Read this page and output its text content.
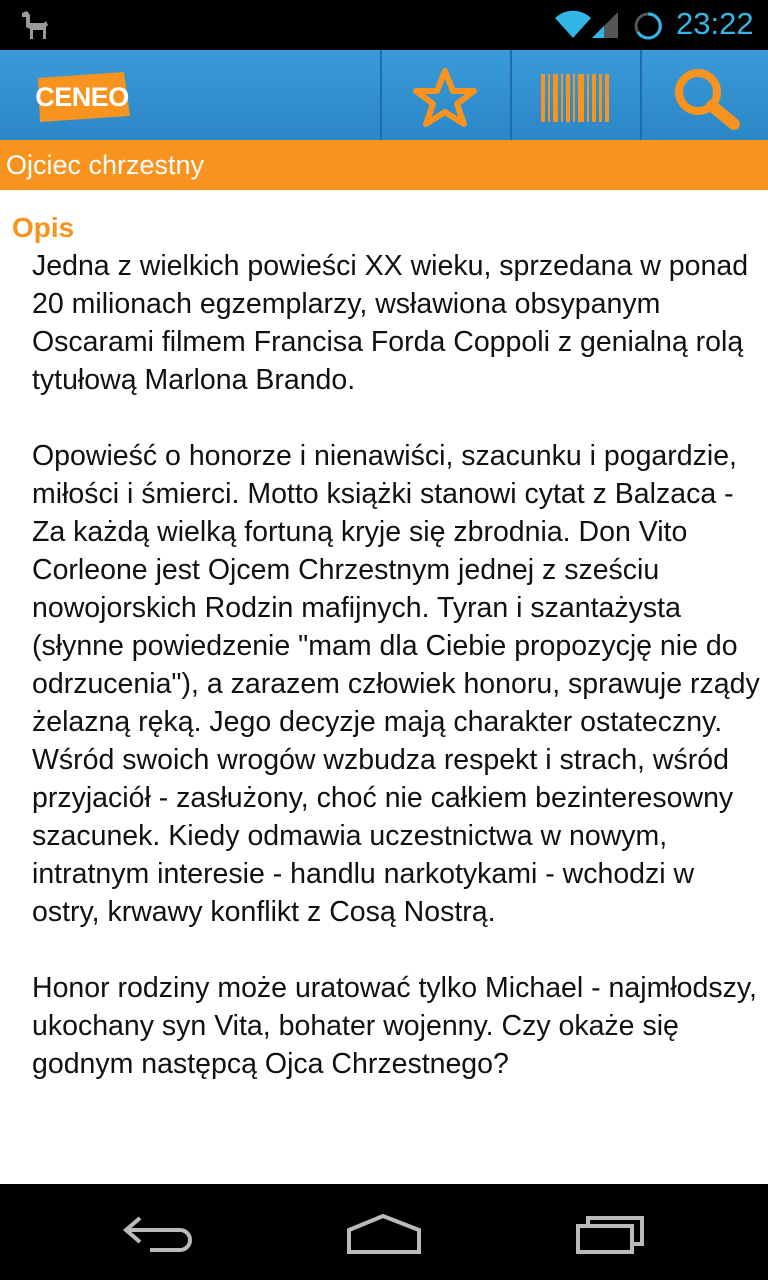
23:22
CENEO
Ojciec chrzestny
Opis
Jedna z wielkich powieści XX wieku, sprzedana w ponad 20 milionach egzemplarzy, wsławiona obsypanym Oscarami filmem Francisa Forda Coppoli z genialną rolą tytułową Marlona Brando.

Opowieść o honorze i nienawiści, szacunku i pogardzie, miłości i śmierci. Motto książki stanowi cytat z Balzaca - Za każdą wielką fortuną kryje się zbrodnia. Don Vito Corleone jest Ojcem Chrzestnym jednej z sześciu nowojorskich Rodzin mafijnych. Tyran i szantażysta (słynne powiedzenie "mam dla Ciebie propozycję nie do odrzucenia"), a zarazem człowiek honoru, sprawuje rządy żelazną ręką. Jego decyzje mają charakter ostateczny. Wśród swoich wrogów wzbudza respekt i strach, wśród przyjaciół - zasłużony, choć nie całkiem bezinteresowny szacunek. Kiedy odmawia uczestnictwa w nowym, intratnym interesie - handlu narkotykami - wchodzi w ostry, krwawy konflikt z Cosą Nostrą.

Honor rodziny może uratować tylko Michael - najmłodszy, ukochany syn Vita, bohater wojenny. Czy okaże się godnym następcą Ojca Chrzestnego?
